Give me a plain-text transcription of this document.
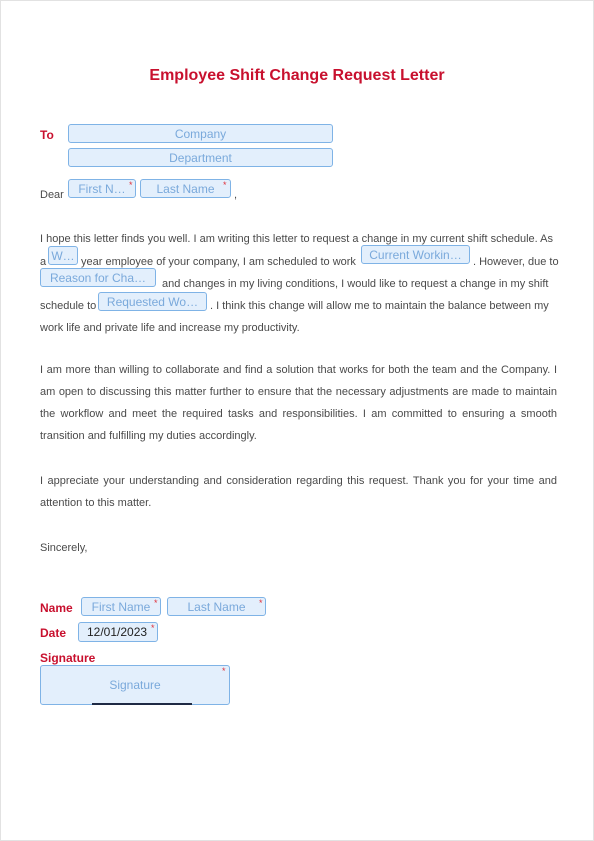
Employee Shift Change Request Letter
To	Company
Department
Dear	First N… *	Last Name *
,
I hope this letter finds you well. I am writing this letter to request a change in my current shift schedule. As
a W… year employee of your company, I am scheduled to work	Current Workin…	. However, due to
Reason for Cha…	and changes in my living conditions, I would like to request a change in my shift
schedule to Requested Wo…	. I think this change will allow me to maintain the balance between my
work life and private life and increase my productivity.

I am more than willing to collaborate and find a solution that works for both the team and the Company. I am open to discussing this matter further to ensure that the necessary adjustments are made to maintain the workflow and meet the required tasks and responsibilities. I am committed to ensuring a smooth transition and fulfilling my duties accordingly.

I appreciate your understanding and consideration regarding this request. Thank you for your time and attention to this matter.

Sincerely,
Name	First Name *	Last Name	*
Date	12/01/2023 *
Signature
Signature
*
